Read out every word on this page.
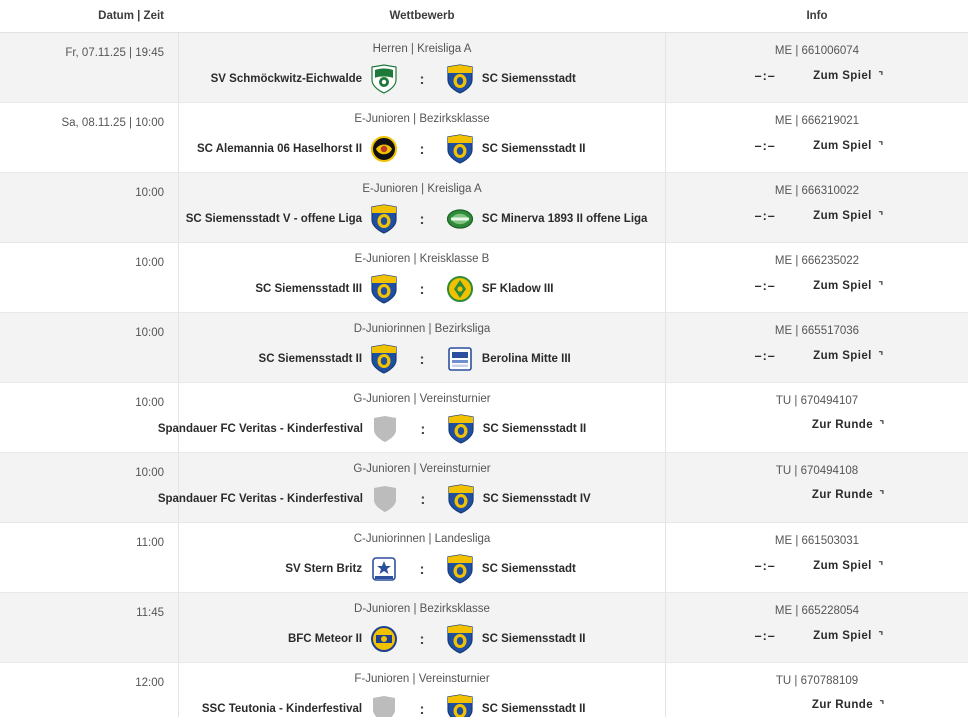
Datum | Zeit	Wettbewerb	Info
Fr, 07.11.25 | 19:45	Herren | Kreisliga A
SV Schmöckwitz-Eichwalde	:	SC Siemensstadt
ME | 661006074
–:–	Zum Spiel ⌜
Sa, 08.11.25 | 10:00	E-Junioren | Bezirksklasse
SC Alemannia 06 Haselhorst II	:	SC Siemensstadt II
ME | 666219021
–:–	Zum Spiel ⌜
10:00	E-Junioren | Kreisliga A
SC Siemensstadt V - offene Liga	:	SC Minerva 1893 II offene Liga
ME | 666310022
–:–	Zum Spiel ⌜
10:00	E-Junioren | Kreisklasse B
SC Siemensstadt III	:	SF Kladow III
ME | 666235022
–:–	Zum Spiel ⌜
10:00	D-Juniorinnen | Bezirksliga
SC Siemensstadt II	:	Berolina Mitte III
ME | 665517036
–:–	Zum Spiel ⌜
10:00	G-Junioren | Vereinsturnier
Spandauer FC Veritas - Kinderfestival	:	SC Siemensstadt II
TU | 670494107
Zur Runde ⌜
10:00	G-Junioren | Vereinsturnier
Spandauer FC Veritas - Kinderfestival	:	SC Siemensstadt IV
TU | 670494108
Zur Runde ⌜
11:00	C-Juniorinnen | Landesliga
SV Stern Britz	:	SC Siemensstadt
ME | 661503031
–:–	Zum Spiel ⌜
11:45	D-Junioren | Bezirksklasse
BFC Meteor II	:	SC Siemensstadt II
ME | 665228054
–:–	Zum Spiel ⌜
12:00	F-Junioren | Vereinsturnier
SSC Teutonia - Kinderfestival	:	SC Siemensstadt II
TU | 670788109
Zur Runde ⌜
